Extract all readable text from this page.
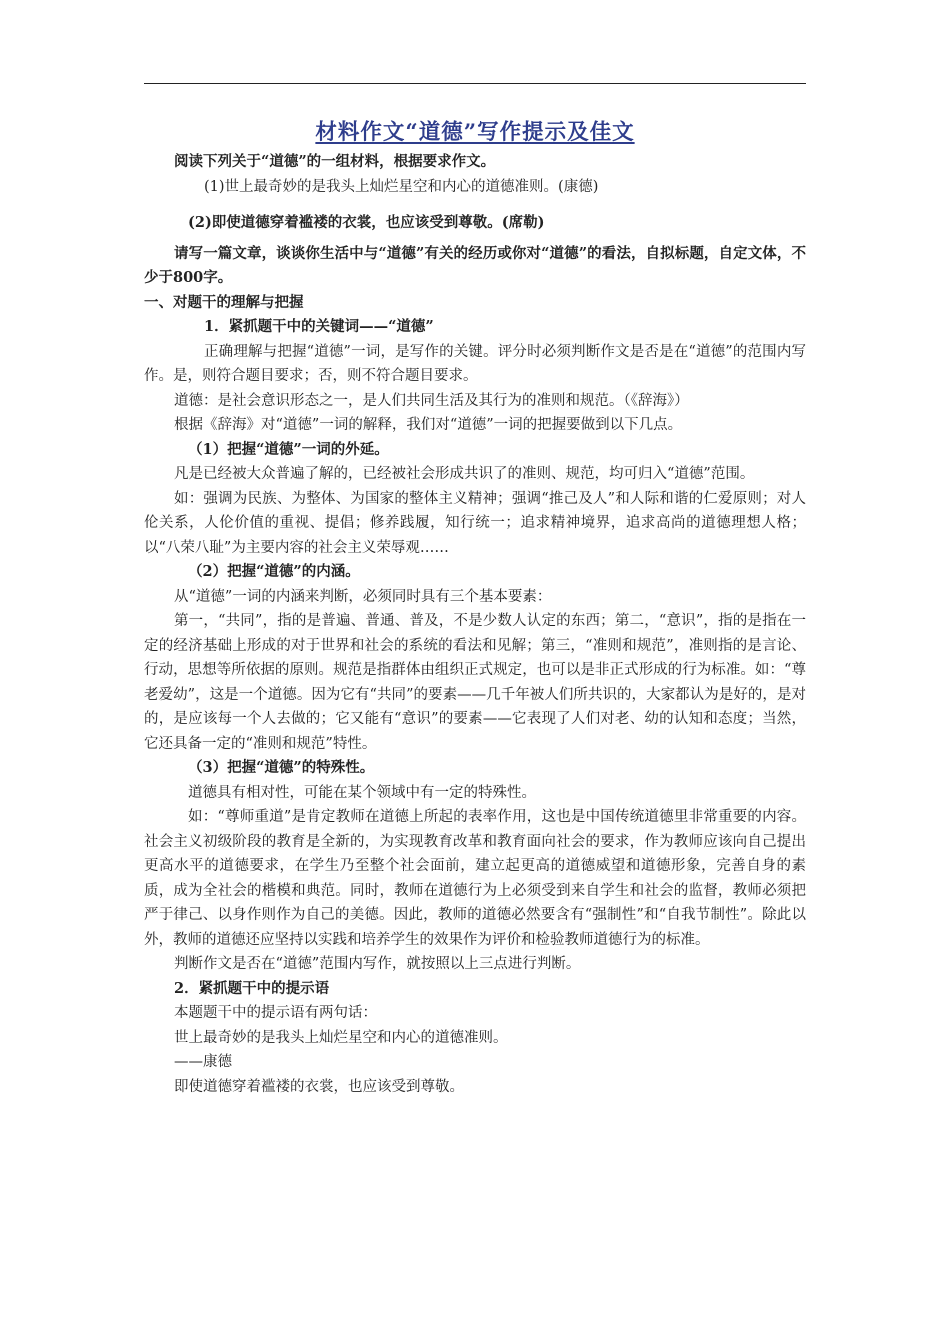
材料作文“道德”写作提示及佳文

阅读下列关于“道德”的一组材料，根据要求作文。

(1)世上最奇妙的是我头上灿烂星空和内心的道德准则。(康德)

(2)即使道德穿着褴褛的衣裳，也应该受到尊敬。(席勒)

请写一篇文章，谈谈你生活中与“道德”有关的经历或你对“道德”的看法，自拟标题，自定文体，不少于800字。

一、对题干的理解与把握

1．紧抓题干中的关键词——“道德”

正确理解与把握“道德”一词，是写作的关键。评分时必须判断作文是否是在“道德”的范围内写作。是，则符合题目要求；否，则不符合题目要求。

道德：是社会意识形态之一，是人们共同生活及其行为的准则和规范。（《辞海》）

根据《辞海》对“道德”一词的解释，我们对“道德”一词的把握要做到以下几点。

（1）把握“道德”一词的外延。

凡是已经被大众普遍了解的，已经被社会形成共识了的准则、规范，均可归入“道德”范围。

如：强调为民族、为整体、为国家的整体主义精神；强调“推己及人”和人际和谐的仁爱原则；对人伦关系，人伦价值的重视、提倡；修养践履，知行统一；追求精神境界，追求高尚的道德理想人格；以“八荣八耻”为主要内容的社会主义荣辱观……

（2）把握“道德”的内涵。

从“道德”一词的内涵来判断，必须同时具有三个基本要素：

第一，“共同”，指的是普遍、普通、普及，不是少数人认定的东西；第二，“意识”，指的是指在一定的经济基础上形成的对于世界和社会的系统的看法和见解；第三，“准则和规范”，准则指的是言论、行动，思想等所依据的原则。规范是指群体由组织正式规定，也可以是非正式形成的行为标准。如：“尊老爱幼”，这是一个道德。因为它有“共同”的要素——几千年被人们所共识的，大家都认为是好的，是对的，是应该每一个人去做的；它又能有“意识”的要素——它表现了人们对老、幼的认知和态度；当然，它还具备一定的“准则和规范”特性。

（3）把握“道德”的特殊性。

道德具有相对性，可能在某个领域中有一定的特殊性。

如：“尊师重道”是肯定教师在道德上所起的表率作用，这也是中国传统道德里非常重要的内容。社会主义初级阶段的教育是全新的，为实现教育改革和教育面向社会的要求，作为教师应该向自己提出更高水平的道德要求，在学生乃至整个社会面前，建立起更高的道德威望和道德形象，完善自身的素质，成为全社会的楷模和典范。同时，教师在道德行为上必须受到来自学生和社会的监督，教师必须把严于律己、以身作则作为自己的美德。因此，教师的道德必然要含有“强制性”和“自我节制性”。除此以外，教师的道德还应坚持以实践和培养学生的效果作为评价和检验教师道德行为的标准。

判断作文是否在“道德”范围内写作，就按照以上三点进行判断。

2．紧抓题干中的提示语

本题题干中的提示语有两句话：

世上最奇妙的是我头上灿烂星空和内心的道德准则。

——康德

即使道德穿着褴褛的衣裳，也应该受到尊敬。
